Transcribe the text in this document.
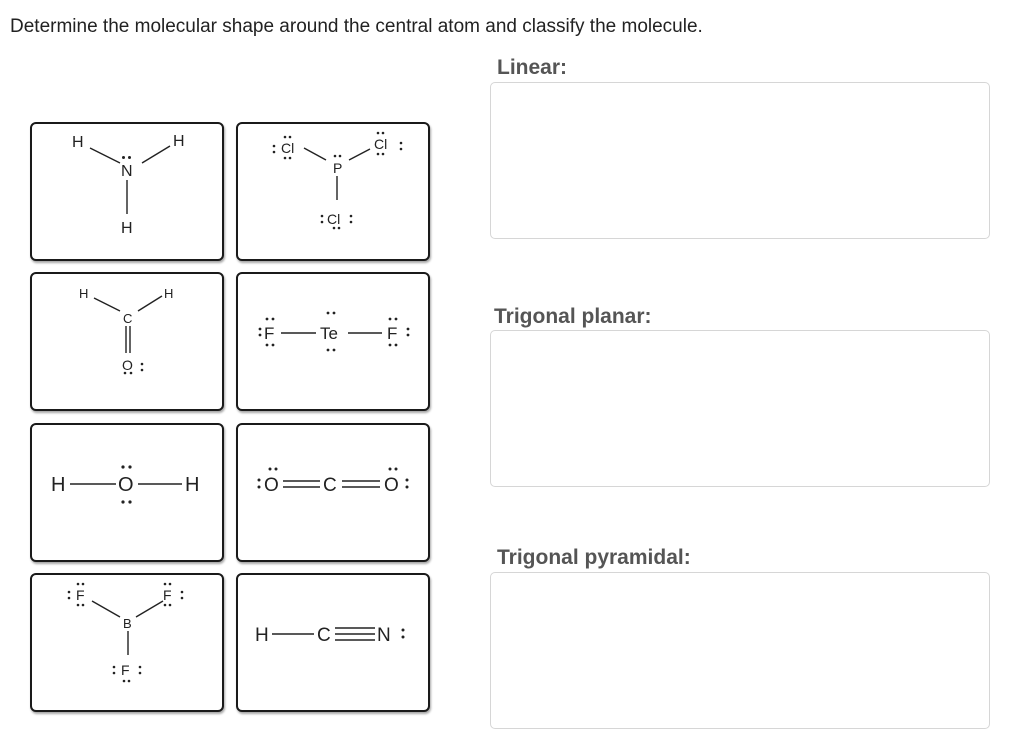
Determine the molecular shape around the central atom and classify the molecule.
Linear:
Trigonal planar:
Trigonal pyramidal:
H	H
N
H
Cl	Cl
P
Cl
H	H
C
O
F	Te	F
H	O	H	O C O
F	F
B
F
H	C N
